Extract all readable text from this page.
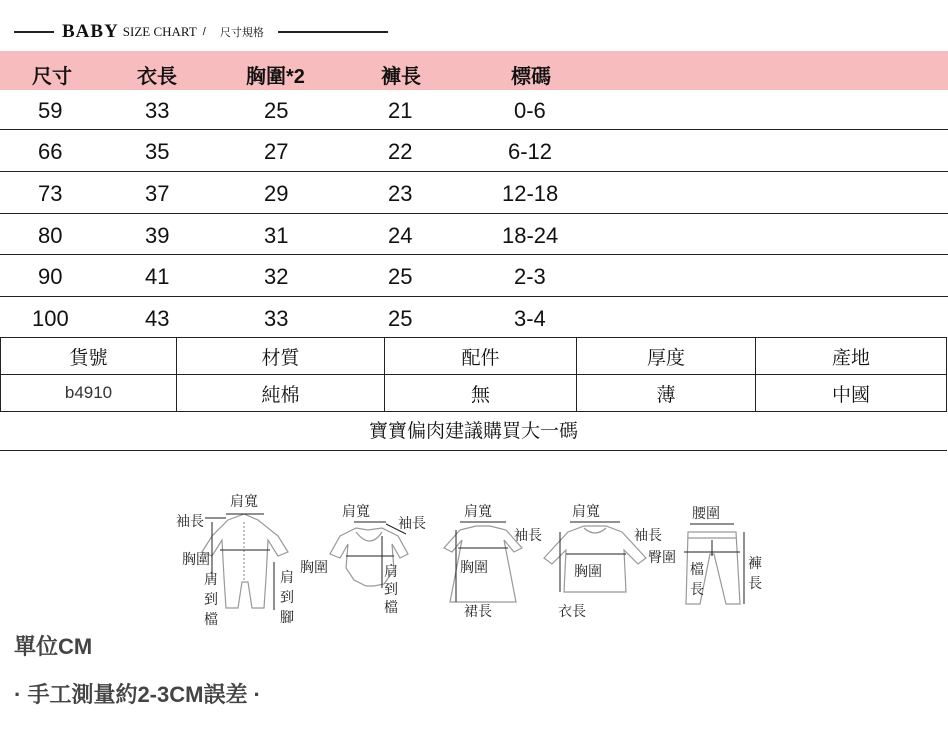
BABY SIZE CHART / 尺寸規格
尺寸	衣長	胸圍*2	褲長	標碼
59	33	25	21	0-6
66	35	27	22	6-12
73	37	29	23	12-18
80	39	31	24	18-24
90	41	32	25	2-3
100	43	33	25	3-4
貨號	材質	配件	厚度	產地
b4910	純棉	無	薄	中國
寶寶偏肉建議購買大一碼
肩寬
袖長
胸圍
肩
到
檔
肩
到
腳
肩寬
袖長
胸圍	肩
到
檔
肩寬
袖長
胸圍
裙長
肩寬
袖長
胸圍
衣長
腰圍
臀圍
檔
長
褲
長
單位CM
· 手工測量約2-3CM誤差 ·
